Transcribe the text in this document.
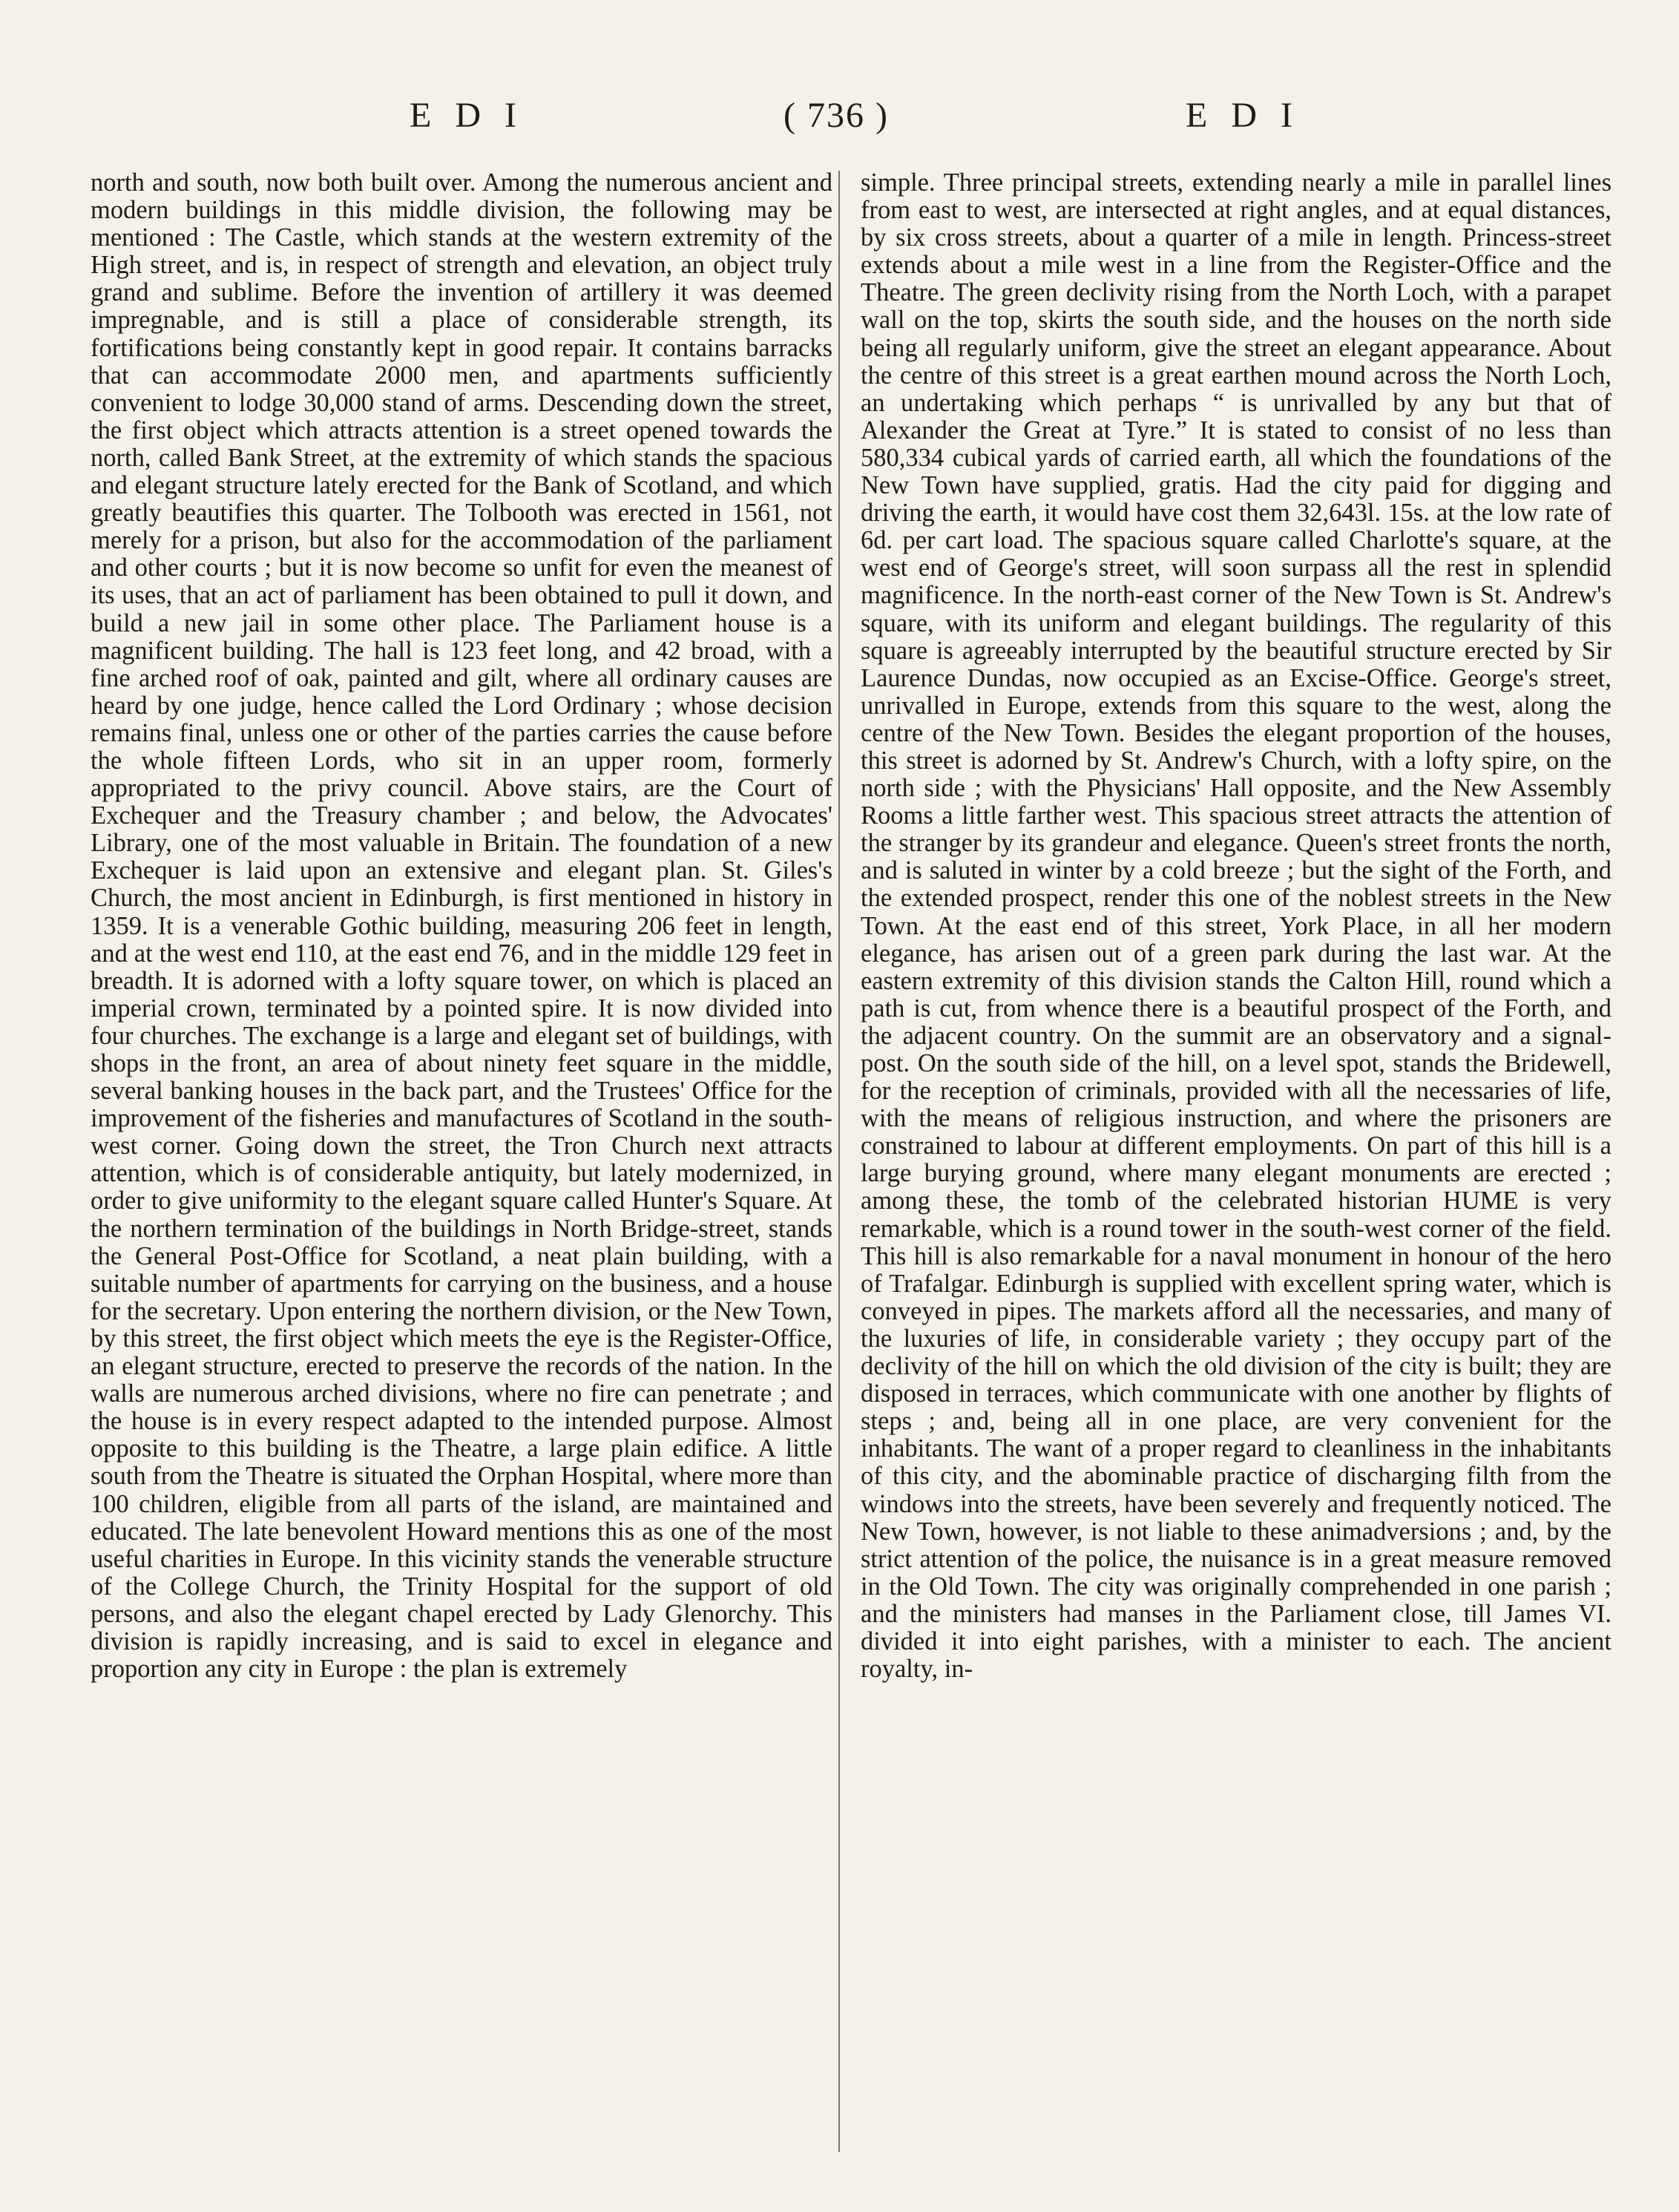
E D I	( 736 )	E D I

north and south, now both built over. Among the numerous ancient and modern buildings in this middle division, the following may be mentioned : The Castle, which stands at the western extremity of the High street, and is, in respect of strength and elevation, an object truly grand and sublime. Before the invention of artillery it was deemed impregnable, and is still a place of considerable strength, its fortifications being constantly kept in good repair. It contains barracks that can accommodate 2000 men, and apartments sufficiently convenient to lodge 30,000 stand of arms. Descending down the street, the first object which attracts attention is a street opened towards the north, called Bank Street, at the extremity of which stands the spacious and elegant structure lately erected for the Bank of Scotland, and which greatly beautifies this quarter. The Tolbooth was erected in 1561, not merely for a prison, but also for the accommodation of the parliament and other courts ; but it is now become so unfit for even the meanest of its uses, that an act of parliament has been obtained to pull it down, and build a new jail in some other place. The Parliament house is a magnificent building. The hall is 123 feet long, and 42 broad, with a fine arched roof of oak, painted and gilt, where all ordinary causes are heard by one judge, hence called the Lord Ordinary ; whose decision remains final, unless one or other of the parties carries the cause before the whole fifteen Lords, who sit in an upper room, formerly appropriated to the privy council. Above stairs, are the Court of Exchequer and the Treasury chamber ; and below, the Advocates' Library, one of the most valuable in Britain. The foundation of a new Exchequer is laid upon an extensive and elegant plan. St. Giles's Church, the most ancient in Edinburgh, is first mentioned in history in 1359. It is a venerable Gothic building, measuring 206 feet in length, and at the west end 110, at the east end 76, and in the middle 129 feet in breadth. It is adorned with a lofty square tower, on which is placed an imperial crown, terminated by a pointed spire. It is now divided into four churches. The exchange is a large and elegant set of buildings, with shops in the front, an area of about ninety feet square in the middle, several banking houses in the back part, and the Trustees' Office for the improvement of the fisheries and manufactures of Scotland in the south-west corner. Going down the street, the Tron Church next attracts attention, which is of considerable antiquity, but lately modernized, in order to give uniformity to the elegant square called Hunter's Square. At the northern termination of the buildings in North Bridge-street, stands the General Post-Office for Scotland, a neat plain building, with a suitable number of apartments for carrying on the business, and a house for the secretary. Upon entering the northern division, or the New Town, by this street, the first object which meets the eye is the Register-Office, an elegant structure, erected to preserve the records of the nation. In the walls are numerous arched divisions, where no fire can penetrate ; and the house is in every respect adapted to the intended purpose. Almost opposite to this building is the Theatre, a large plain edifice. A little south from the Theatre is situated the Orphan Hospital, where more than 100 children, eligible from all parts of the island, are maintained and educated. The late benevolent Howard mentions this as one of the most useful charities in Europe. In this vicinity stands the venerable structure of the College Church, the Trinity Hospital for the support of old persons, and also the elegant chapel erected by Lady Glenorchy. This division is rapidly increasing, and is said to excel in elegance and proportion any city in Europe : the plan is extremely

simple. Three principal streets, extending nearly a mile in parallel lines from east to west, are intersected at right angles, and at equal distances, by six cross streets, about a quarter of a mile in length. Princess-street extends about a mile west in a line from the Register-Office and the Theatre. The green declivity rising from the North Loch, with a parapet wall on the top, skirts the south side, and the houses on the north side being all regularly uniform, give the street an elegant appearance. About the centre of this street is a great earthen mound across the North Loch, an undertaking which perhaps “ is unrivalled by any but that of Alexander the Great at Tyre.” It is stated to consist of no less than 580,334 cubical yards of carried earth, all which the foundations of the New Town have supplied, gratis. Had the city paid for digging and driving the earth, it would have cost them 32,643l. 15s. at the low rate of 6d. per cart load. The spacious square called Charlotte's square, at the west end of George's street, will soon surpass all the rest in splendid magnificence. In the north-east corner of the New Town is St. Andrew's square, with its uniform and elegant buildings. The regularity of this square is agreeably interrupted by the beautiful structure erected by Sir Laurence Dundas, now occupied as an Excise-Office. George's street, unrivalled in Europe, extends from this square to the west, along the centre of the New Town. Besides the elegant proportion of the houses, this street is adorned by St. Andrew's Church, with a lofty spire, on the north side ; with the Physicians' Hall opposite, and the New Assembly Rooms a little farther west. This spacious street attracts the attention of the stranger by its grandeur and elegance. Queen's street fronts the north, and is saluted in winter by a cold breeze ; but the sight of the Forth, and the extended prospect, render this one of the noblest streets in the New Town. At the east end of this street, York Place, in all her modern elegance, has arisen out of a green park during the last war. At the eastern extremity of this division stands the Calton Hill, round which a path is cut, from whence there is a beautiful prospect of the Forth, and the adjacent country. On the summit are an observatory and a signal-post. On the south side of the hill, on a level spot, stands the Bridewell, for the reception of criminals, provided with all the necessaries of life, with the means of religious instruction, and where the prisoners are constrained to labour at different employments. On part of this hill is a large burying ground, where many elegant monuments are erected ; among these, the tomb of the celebrated historian HUME is very remarkable, which is a round tower in the south-west corner of the field. This hill is also remarkable for a naval monument in honour of the hero of Trafalgar. Edinburgh is supplied with excellent spring water, which is conveyed in pipes. The markets afford all the necessaries, and many of the luxuries of life, in considerable variety ; they occupy part of the declivity of the hill on which the old division of the city is built; they are disposed in terraces, which communicate with one another by flights of steps ; and, being all in one place, are very convenient for the inhabitants. The want of a proper regard to cleanliness in the inhabitants of this city, and the abominable practice of discharging filth from the windows into the streets, have been severely and frequently noticed. The New Town, however, is not liable to these animadversions ; and, by the strict attention of the police, the nuisance is in a great measure removed in the Old Town. The city was originally comprehended in one parish ; and the ministers had manses in the Parliament close, till James VI. divided it into eight parishes, with a minister to each. The ancient royalty, in-
